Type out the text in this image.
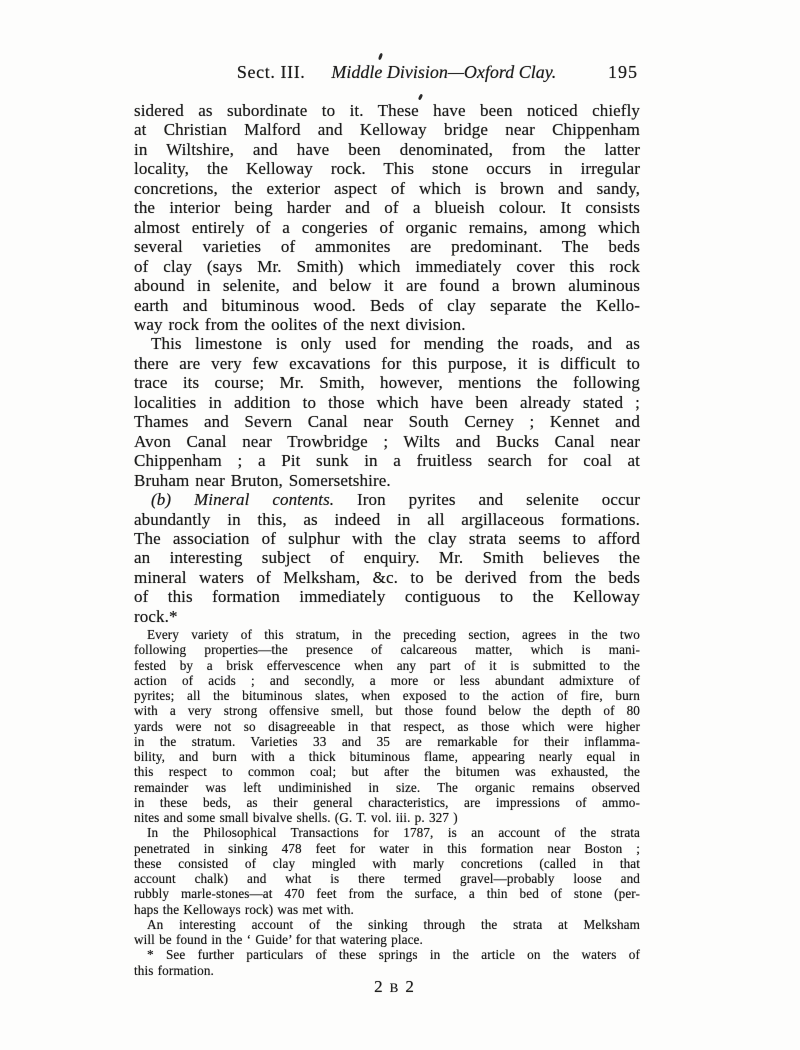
Sect. III. Middle Division—Oxford Clay.	195
sidered as subordinate to it. These have been noticed chiefly
at Christian Malford and Kelloway bridge near Chippenham
in Wiltshire, and have been denominated, from the latter
locality, the Kelloway rock. This stone occurs in irregular
concretions, the exterior aspect of which is brown and sandy,
the interior being harder and of a blueish colour. It consists
almost entirely of a congeries of organic remains, among which
several varieties of ammonites are predominant. The beds
of clay (says Mr. Smith) which immediately cover this rock
abound in selenite, and below it are found a brown aluminous
earth and bituminous wood. Beds of clay separate the Kello-
way rock from the oolites of the next division.
This limestone is only used for mending the roads, and as
there are very few excavations for this purpose, it is difficult to
trace its course; Mr. Smith, however, mentions the following
localities in addition to those which have been already stated ;
Thames and Severn Canal near South Cerney ; Kennet and
Avon Canal near Trowbridge ; Wilts and Bucks Canal near
Chippenham ; a Pit sunk in a fruitless search for coal at
Bruham near Bruton, Somersetshire.
(b) Mineral contents. Iron pyrites and selenite occur
abundantly in this, as indeed in all argillaceous formations.
The association of sulphur with the clay strata seems to afford
an interesting subject of enquiry. Mr. Smith believes the
mineral waters of Melksham, &c. to be derived from the beds
of this formation immediately contiguous to the Kelloway
rock.*
Every variety of this stratum, in the preceding section, agrees in the two
following properties—the presence of calcareous matter, which is mani-
fested by a brisk effervescence when any part of it is submitted to the
action of acids ; and secondly, a more or less abundant admixture of
pyrites; all the bituminous slates, when exposed to the action of fire, burn
with a very strong offensive smell, but those found below the depth of 80
yards were not so disagreeable in that respect, as those which were higher
in the stratum. Varieties 33 and 35 are remarkable for their inflamma-
bility, and burn with a thick bituminous flame, appearing nearly equal in
this respect to common coal; but after the bitumen was exhausted, the
remainder was left undiminished in size. The organic remains observed
in these beds, as their general characteristics, are impressions of ammo-
nites and some small bivalve shells. (G. T. vol. iii. p. 327 )
In the Philosophical Transactions for 1787, is an account of the strata
penetrated in sinking 478 feet for water in this formation near Boston ;
these consisted of clay mingled with marly concretions (called in that
account chalk) and what is there termed gravel—probably loose and
rubbly marle-stones—at 470 feet from the surface, a thin bed of stone (per-
haps the Kelloways rock) was met with.
An interesting account of the sinking through the strata at Melksham
will be found in the ‘ Guide’ for that watering place.
* See further particulars of these springs in the article on the waters of
this formation.
2 B 2
